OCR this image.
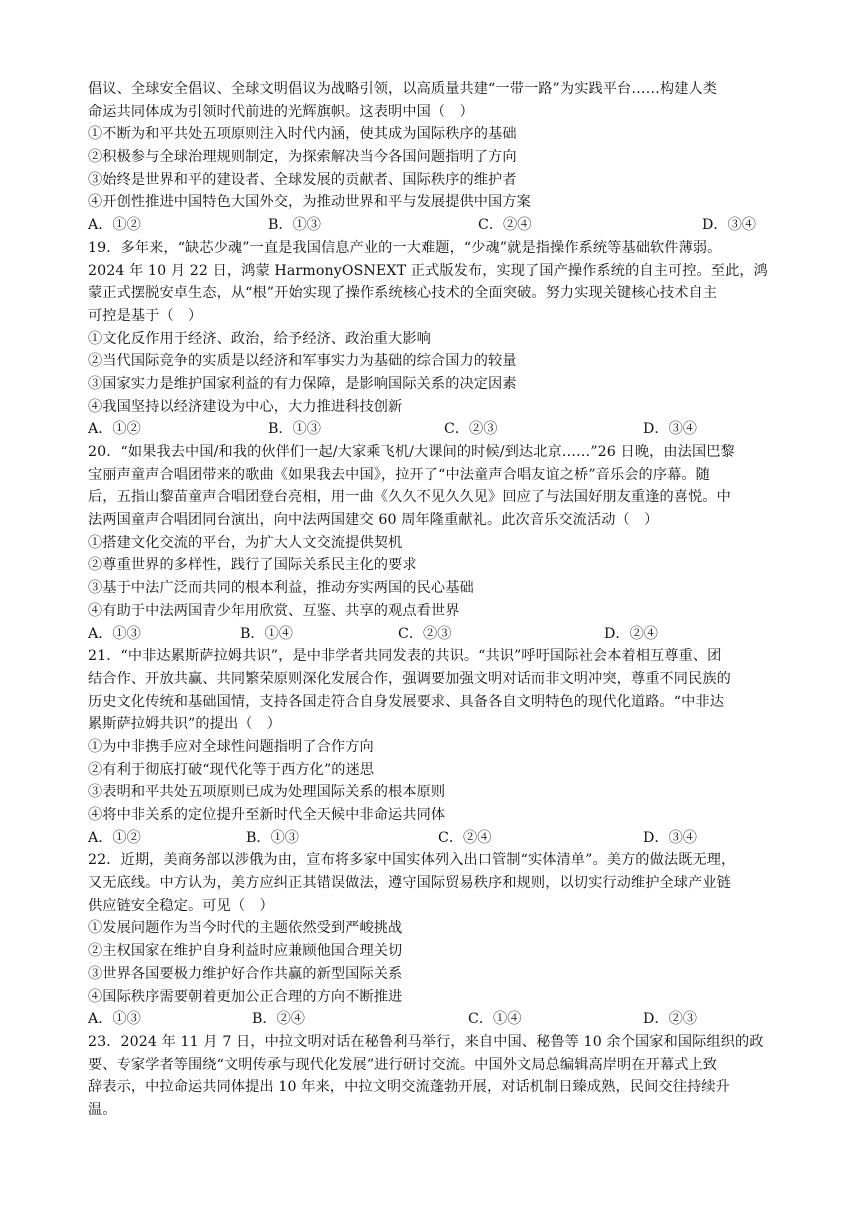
倡议、全球安全倡议、全球文明倡议为战略引领，以高质量共建“一带一路”为实践平台……构建人类
命运共同体成为引领时代前进的光辉旗帜。这表明中国（　）
①不断为和平共处五项原则注入时代内涵，使其成为国际秩序的基础
②积极参与全球治理规则制定，为探索解决当今各国问题指明了方向
③始终是世界和平的建设者、全球发展的贡献者、国际秩序的维护者
④开创性推进中国特色大国外交，为推动世界和平与发展提供中国方案
A．①②	B．①③	C．②④	D．③④
19．多年来，“缺芯少魂”一直是我国信息产业的一大难题，“少魂”就是指操作系统等基础软件薄弱。
2024 年 10 月 22 日，鸿蒙 HarmonyOSNEXT 正式版发布，实现了国产操作系统的自主可控。至此，鸿
蒙正式摆脱安卓生态，从“根”开始实现了操作系统核心技术的全面突破。努力实现关键核心技术自主
可控是基于（　）
①文化反作用于经济、政治，给予经济、政治重大影响
②当代国际竞争的实质是以经济和军事实力为基础的综合国力的较量
③国家实力是维护国家利益的有力保障，是影响国际关系的决定因素
④我国坚持以经济建设为中心，大力推进科技创新
A．①②	B．①③	C．②③	D．③④
20．“如果我去中国/和我的伙伴们一起/大家乘飞机/大课间的时候/到达北京……”26 日晚，由法国巴黎
宝丽声童声合唱团带来的歌曲《如果我去中国》，拉开了“中法童声合唱友谊之桥”音乐会的序幕。随
后，五指山黎苗童声合唱团登台亮相，用一曲《久久不见久久见》回应了与法国好朋友重逢的喜悦。中
法两国童声合唱团同台演出，向中法两国建交 60 周年隆重献礼。此次音乐交流活动（　）
①搭建文化交流的平台，为扩大人文交流提供契机
②尊重世界的多样性，践行了国际关系民主化的要求
③基于中法广泛而共同的根本利益，推动夯实两国的民心基础
④有助于中法两国青少年用欣赏、互鉴、共享的观点看世界
A．①③	B．①④	C．②③	D．②④
21．“中非达累斯萨拉姆共识”，是中非学者共同发表的共识。“共识”呼吁国际社会本着相互尊重、团
结合作、开放共赢、共同繁荣原则深化发展合作，强调要加强文明对话而非文明冲突，尊重不同民族的
历史文化传统和基础国情，支持各国走符合自身发展要求、具备各自文明特色的现代化道路。“中非达
累斯萨拉姆共识”的提出（　）
①为中非携手应对全球性问题指明了合作方向
②有利于彻底打破“现代化等于西方化”的迷思
③表明和平共处五项原则已成为处理国际关系的根本原则
④将中非关系的定位提升至新时代全天候中非命运共同体
A．①②	B．①③	C．②④	D．③④
22．近期，美商务部以涉俄为由，宣布将多家中国实体列入出口管制“实体清单”。美方的做法既无理，
又无底线。中方认为，美方应纠正其错误做法，遵守国际贸易秩序和规则，以切实行动维护全球产业链
供应链安全稳定。可见（　）
①发展问题作为当今时代的主题依然受到严峻挑战
②主权国家在维护自身利益时应兼顾他国合理关切
③世界各国要极力维护好合作共赢的新型国际关系
④国际秩序需要朝着更加公正合理的方向不断推进
A．①③	B．②④	C．①④	D．②③
23．2024 年 11 月 7 日，中拉文明对话在秘鲁利马举行，来自中国、秘鲁等 10 余个国家和国际组织的政
要、专家学者等围绕“文明传承与现代化发展”进行研讨交流。中国外文局总编辑高岸明在开幕式上致
辞表示，中拉命运共同体提出 10 年来，中拉文明交流蓬勃开展，对话机制日臻成熟，民间交往持续升
温。
